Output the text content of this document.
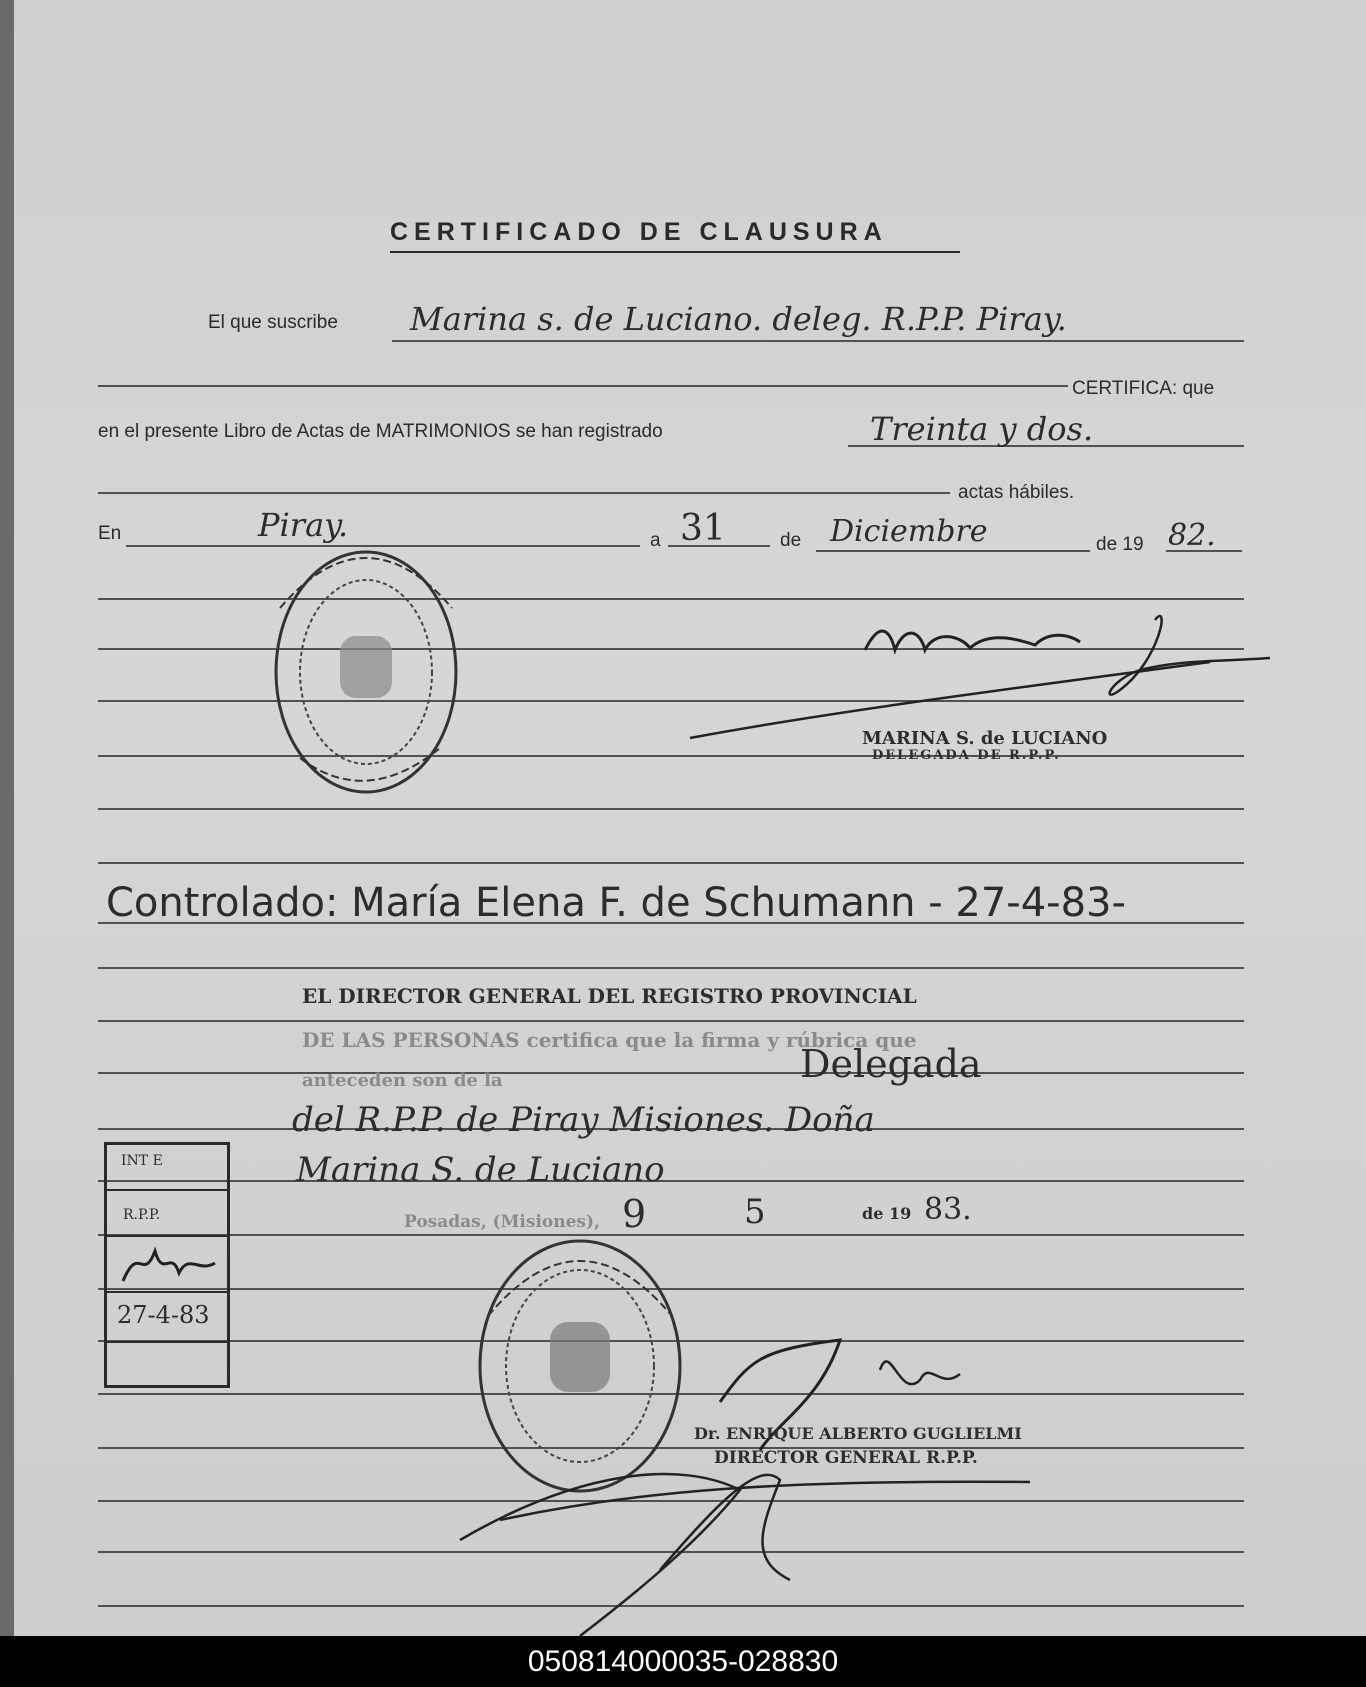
CERTIFICADO DE CLAUSURA
El que suscribe Marina s. de Luciano. deleg. R.P.P. Piray.
CERTIFICA: que
en el presente Libro de Actas de MATRIMONIOS se han registrado	Treinta y dos.
actas hábiles.
En	Piray.	a 31	de Diciembre	de 19 82.
MARINA S. de LUCIANO
DELEGADA DE R.P.P.
Controlado: María Elena F. de Schumann - 27-4-83-
EL DIRECTOR GENERAL DEL REGISTRO PROVINCIAL
DE LAS PERSONAS certifica que la firma y rúbrica que
anteceden son de la	Delegada
del R.P.P. de Piray Misiones. Doña
Marina S. de Luciano
Posadas, (Misiones), 9	5	de 19 83.
INT E
R.P.P.
27-4-83
Dr. ENRIQUE ALBERTO GUGLIELMI
DIRECTOR GENERAL R.P.P.
050814000035-028830
